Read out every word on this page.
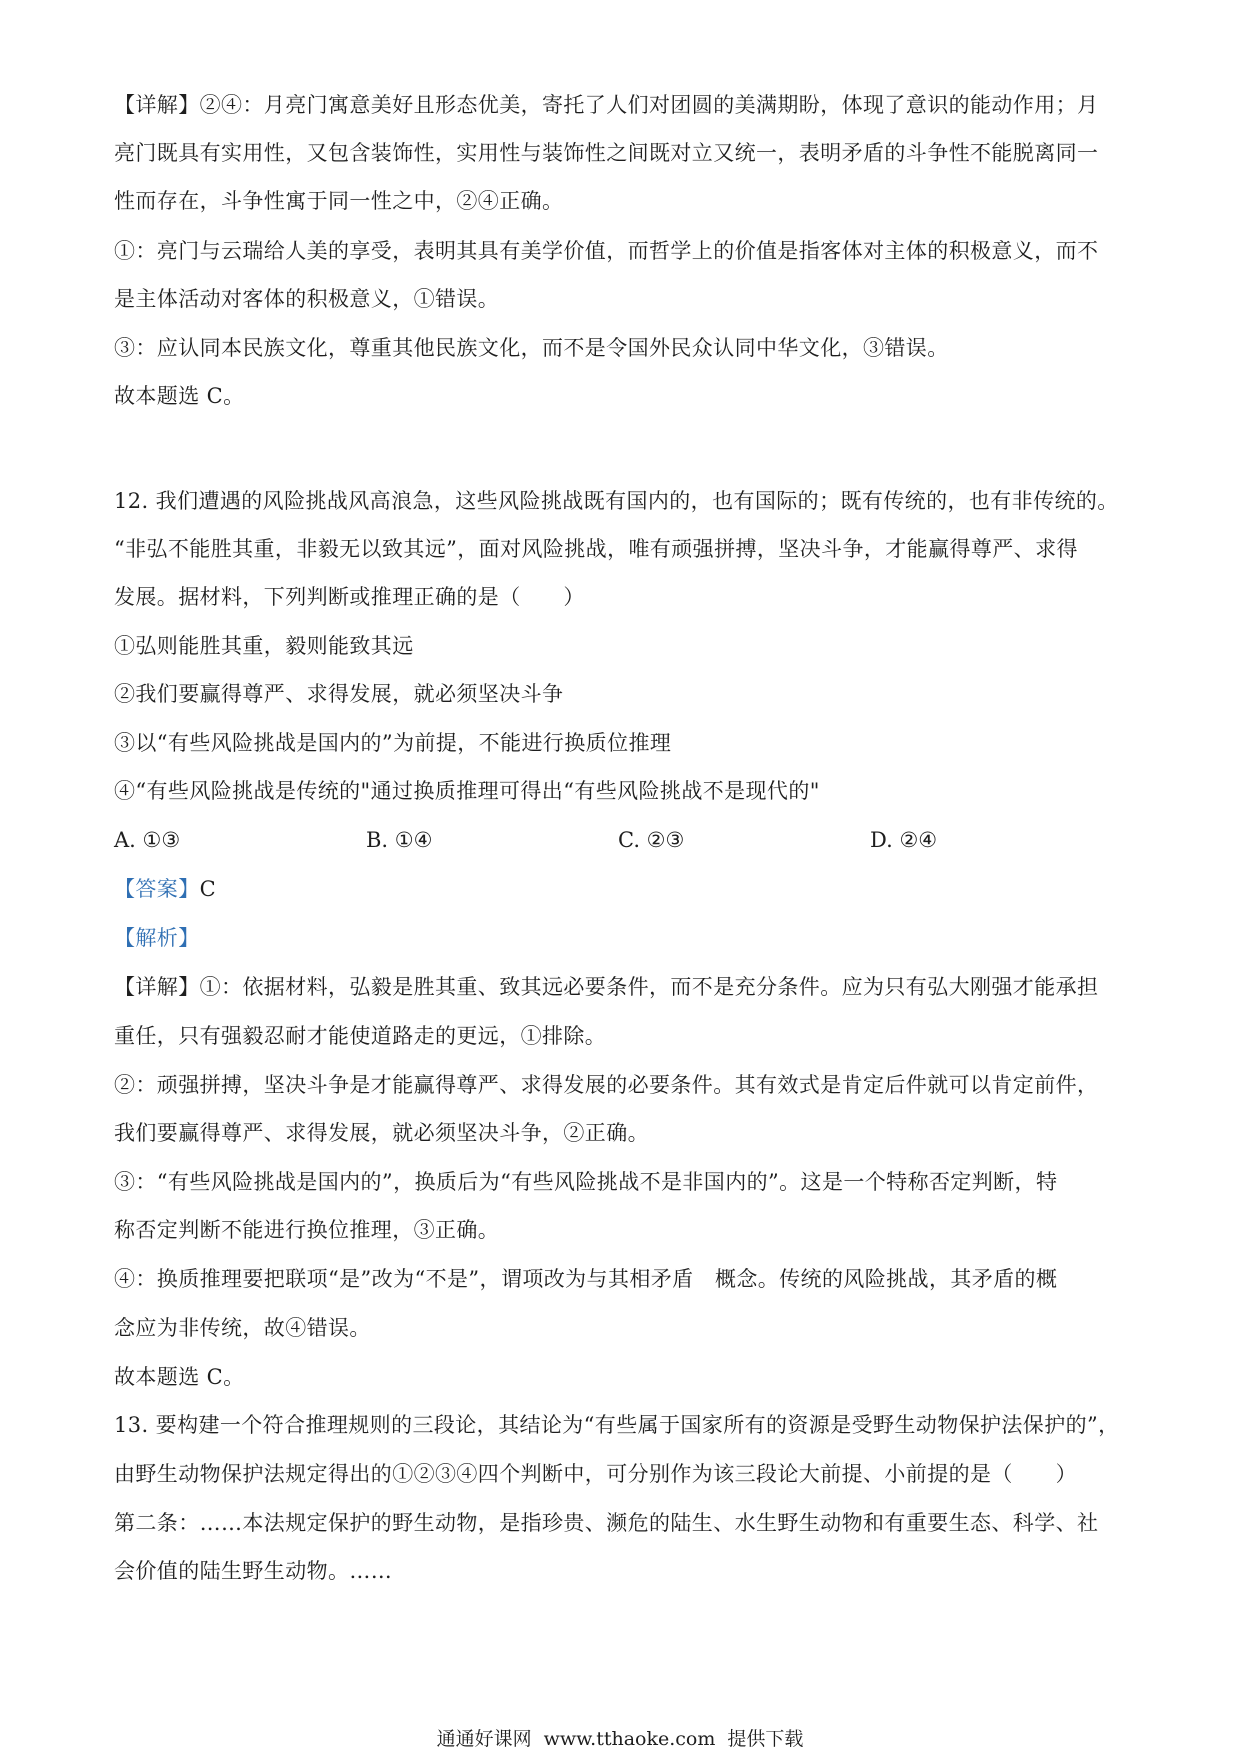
【详解】②④：月亮门寓意美好且形态优美，寄托了人们对团圆的美满期盼，体现了意识的能动作用；月
亮门既具有实用性，又包含装饰性，实用性与装饰性之间既对立又统一，表明矛盾的斗争性不能脱离同一
性而存在，斗争性寓于同一性之中，②④正确。
①：亮门与云瑞给人美的享受，表明其具有美学价值，而哲学上的价值是指客体对主体的积极意义，而不
是主体活动对客体的积极意义，①错误。
③：应认同本民族文化，尊重其他民族文化，而不是令国外民众认同中华文化，③错误。
故本题选 C。
12. 我们遭遇的风险挑战风高浪急，这些风险挑战既有国内的，也有国际的；既有传统的，也有非传统的。
“非弘不能胜其重，非毅无以致其远”，面对风险挑战，唯有顽强拼搏，坚决斗争，才能赢得尊严、求得
发展。据材料，下列判断或推理正确的是（　　）
①弘则能胜其重，毅则能致其远
②我们要赢得尊严、求得发展，就必须坚决斗争
③以“有些风险挑战是国内的”为前提，不能进行换质位推理
④“有些风险挑战是传统的"通过换质推理可得出“有些风险挑战不是现代的"
A. ①③	B. ①④	C. ②③	D. ②④
【答案】C
【解析】
【详解】①：依据材料，弘毅是胜其重、致其远必要条件，而不是充分条件。应为只有弘大刚强才能承担
重任，只有强毅忍耐才能使道路走的更远，①排除。
②：顽强拼搏，坚决斗争是才能赢得尊严、求得发展的必要条件。其有效式是肯定后件就可以肯定前件，
我们要赢得尊严、求得发展，就必须坚决斗争，②正确。
③：“有些风险挑战是国内的”，换质后为“有些风险挑战不是非国内的”。这是一个特称否定判断，特
称否定判断不能进行换位推理，③正确。
④：换质推理要把联项“是”改为“不是”，谓项改为与其相矛盾　概念。传统的风险挑战，其矛盾的概
念应为非传统，故④错误。
故本题选 C。
13. 要构建一个符合推理规则的三段论，其结论为“有些属于国家所有的资源是受野生动物保护法保护的”，
由野生动物保护法规定得出的①②③④四个判断中，可分别作为该三段论大前提、小前提的是（　　）
第二条：……本法规定保护的野生动物，是指珍贵、濒危的陆生、水生野生动物和有重要生态、科学、社
会价值的陆生野生动物。……
通通好课网 www.tthaoke.com 提供下载
